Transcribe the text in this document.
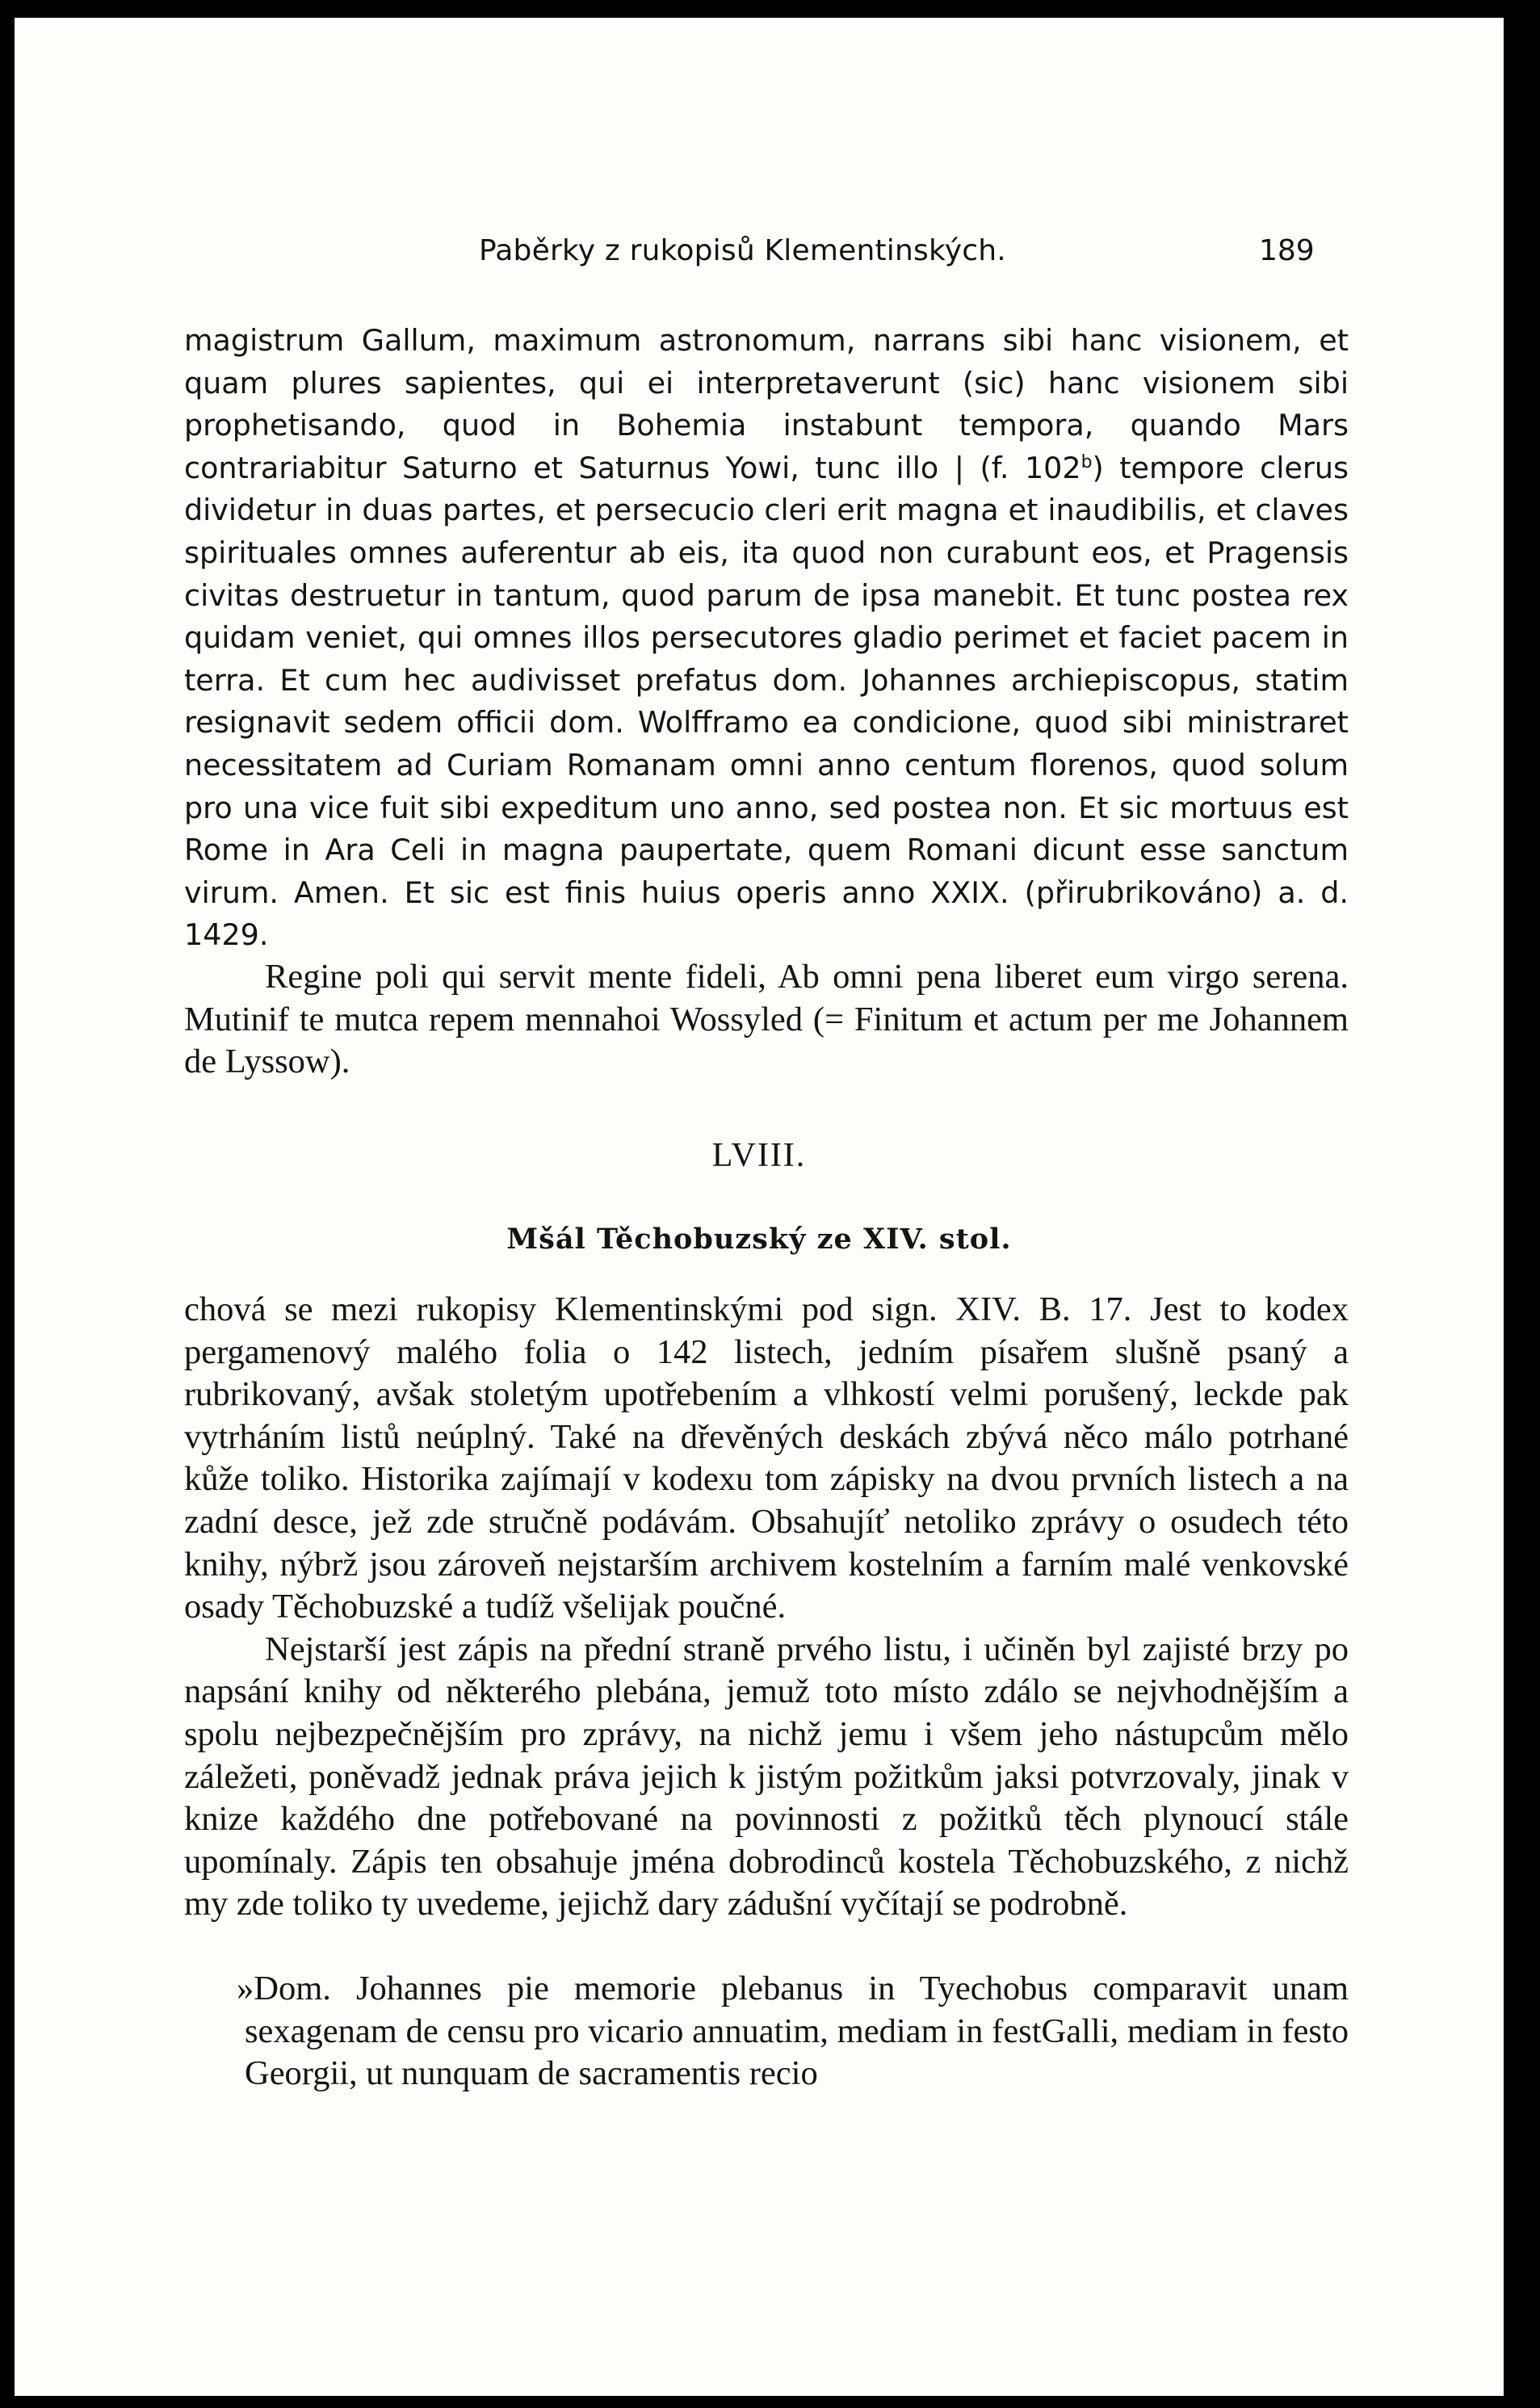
Paběrky z rukopisů Klementinských.	189

magistrum Gallum, maximum astronomum, narrans sibi hanc visionem, et quam plures sapientes, qui ei interpretaverunt (sic) hanc visionem sibi prophetisando, quod in Bohemia instabunt tempora, quando Mars contrariabitur Saturno et Saturnus Yowi, tunc illo | (f. 102$^b$) tempore clerus dividetur in duas partes, et persecucio cleri erit magna et inaudibilis, et claves spirituales omnes auferentur ab eis, ita quod non curabunt eos, et Pragensis civitas destruetur in tantum, quod parum de ipsa manebit. Et tunc postea rex quidam veniet, qui omnes illos persecutores gladio perimet et faciet pacem in terra. Et cum hec audivisset prefatus dom. Johannes archiepiscopus, statim resignavit sedem officii dom. Wolfframo ea condicione, quod sibi ministraret necessitatem ad Curiam Romanam omni anno centum florenos, quod solum pro una vice fuit sibi expeditum uno anno, sed postea non. Et sic mortuus est Rome in Ara Celi in magna paupertate, quem Romani dicunt esse sanctum virum. Amen. Et sic est finis huius operis anno XXIX. (přirubrikováno) a. d. 1429.

Regine poli qui servit mente fideli, Ab omni pena liberet eum virgo serena. Mutinif te mutca repem mennahoi Wossyled (= Finitum et actum per me Johannem de Lyssow).

LVIII.
Mšál Těchobuzský ze XIV. stol.

chová se mezi rukopisy Klementinskými pod sign. XIV. B. 17. Jest to kodex pergamenový malého folia o 142 listech, jedním písařem slušně psaný a rubrikovaný, avšak stoletým upotřebením a vlhkostí velmi porušený, leckde pak vytrháním listů neúplný. Také na dřevěných deskách zbývá něco málo potrhané kůže toliko. Historika zajímají v kodexu tom zápisky na dvou prvních listech a na zadní desce, jež zde stručně podávám. Obsahujíť netoliko zprávy o osudech této knihy, nýbrž jsou zároveň nejstarším archivem kostelním a farním malé venkovské osady Těchobuzské a tudíž všelijak poučné.

Nejstarší jest zápis na přední straně prvého listu, i učiněn byl zajisté brzy po napsání knihy od některého plebána, jemuž toto místo zdálo se nejvhodnějším a spolu nejbezpečnějším pro zprávy, na nichž jemu i všem jeho nástupcům mělo záležeti, poněvadž jednak práva jejich k jistým požitkům jaksi potvrzovaly, jinak v knize každého dne potřebované na povinnosti z požitků těch plynoucí stále upomínaly. Zápis ten obsahuje jména dobrodinců kostela Těchobuzského, z nichž my zde toliko ty uvedeme, jejichž dary zádušní vyčítají se podrobně.

»Dom. Johannes pie memorie plebanus in Tyechobus comparavit unam sexagenam de censu pro vicario annuatim, mediam in festGalli, mediam in festo Georgii, ut nunquam de sacramentis recio
